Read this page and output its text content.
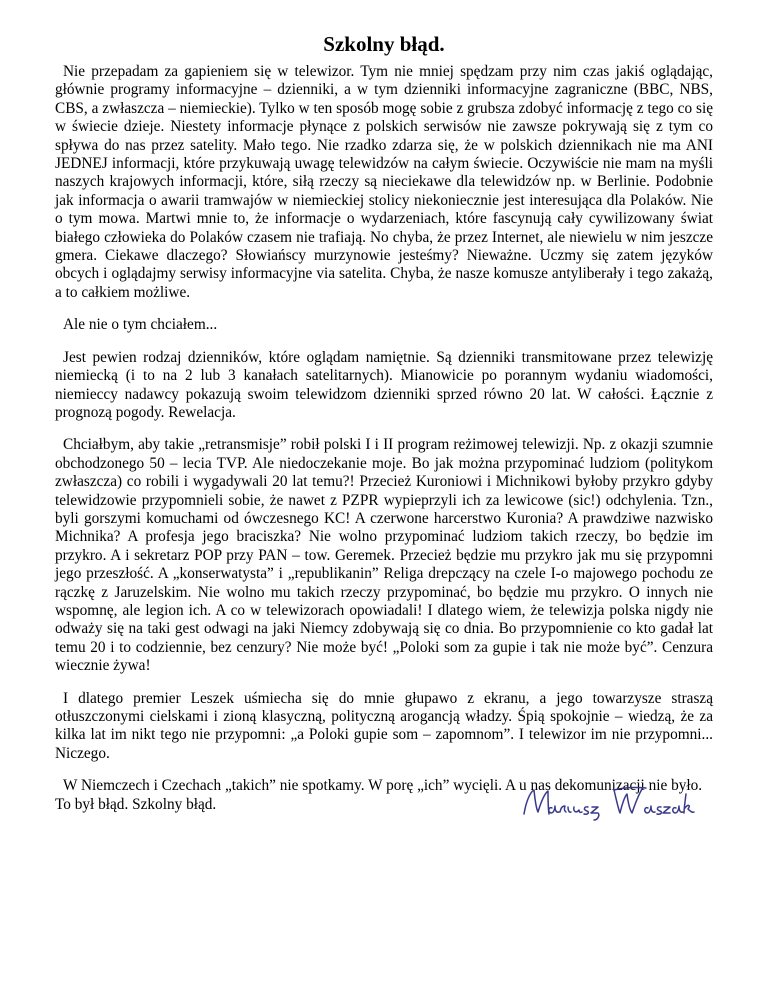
Szkolny błąd.

Nie przepadam za gapieniem się w telewizor. Tym nie mniej spędzam przy nim czas jakiś oglądając, głównie programy informacyjne – dzienniki, a w tym dzienniki informacyjne zagraniczne (BBC, NBS, CBS, a zwłaszcza – niemieckie). Tylko w ten sposób mogę sobie z grubsza zdobyć informację z tego co się w świecie dzieje. Niestety informacje płynące z polskich serwisów nie zawsze pokrywają się z tym co spływa do nas przez satelity. Mało tego. Nie rzadko zdarza się, że w polskich dziennikach nie ma ANI JEDNEJ informacji, które przykuwają uwagę telewidzów na całym świecie. Oczywiście nie mam na myśli naszych krajowych informacji, które, siłą rzeczy są nieciekawe dla telewidzów np. w Berlinie. Podobnie jak informacja o awarii tramwajów w niemieckiej stolicy niekoniecznie jest interesująca dla Polaków. Nie o tym mowa. Martwi mnie to, że informacje o wydarzeniach, które fascynują cały cywilizowany świat białego człowieka do Polaków czasem nie trafiają. No chyba, że przez Internet, ale niewielu w nim jeszcze gmera. Ciekawe dlaczego? Słowiańscy murzynowie jesteśmy? Nieważne. Uczmy się zatem języków obcych i oglądajmy serwisy informacyjne via satelita. Chyba, że nasze komusze antyliberały i tego zakażą, a to całkiem możliwe.

Ale nie o tym chciałem...

Jest pewien rodzaj dzienników, które oglądam namiętnie. Są dzienniki transmitowane przez telewizję niemiecką (i to na 2 lub 3 kanałach satelitarnych). Mianowicie po porannym wydaniu wiadomości, niemieccy nadawcy pokazują swoim telewidzom dzienniki sprzed równo 20 lat. W całości. Łącznie z prognozą pogody. Rewelacja.

Chciałbym, aby takie „retransmisje” robił polski I i II program reżimowej telewizji. Np. z okazji szumnie obchodzonego 50 – lecia TVP. Ale niedoczekanie moje. Bo jak można przypominać ludziom (politykom zwłaszcza) co robili i wygadywali 20 lat temu?! Przecież Kuroniowi i Michnikowi byłoby przykro gdyby telewidzowie przypomnieli sobie, że nawet z PZPR wypieprzyli ich za lewicowe (sic!) odchylenia. Tzn., byli gorszymi komuchami od ówczesnego KC! A czerwone harcerstwo Kuronia? A prawdziwe nazwisko Michnika? A profesja jego braciszka? Nie wolno przypominać ludziom takich rzeczy, bo będzie im przykro. A i sekretarz POP przy PAN – tow. Geremek. Przecież będzie mu przykro jak mu się przypomni jego przeszłość. A „konserwatysta” i „republikanin” Religa drepczący na czele I-o majowego pochodu ze rączkę z Jaruzelskim. Nie wolno mu takich rzeczy przypominać, bo będzie mu przykro. O innych nie wspomnę, ale legion ich. A co w telewizorach opowiadali! I dlatego wiem, że telewizja polska nigdy nie odważy się na taki gest odwagi na jaki Niemcy zdobywają się co dnia. Bo przypomnienie co kto gadał lat temu 20 i to codziennie, bez cenzury? Nie może być! „Poloki som za gupie i tak nie może być”. Cenzura wiecznie żywa!

I dlatego premier Leszek uśmiecha się do mnie głupawo z ekranu, a jego towarzysze straszą otłuszczonymi cielskami i zioną klasyczną, polityczną arogancją władzy. Śpią spokojnie – wiedzą, że za kilka lat im nikt tego nie przypomni: „a Poloki gupie som – zapomnom”. I telewizor im nie przypomni... Niczego.

W Niemczech i Czechach „takich” nie spotkamy. W porę „ich” wycięli. A u nas dekomunizacji nie było. To był błąd. Szkolny błąd.
